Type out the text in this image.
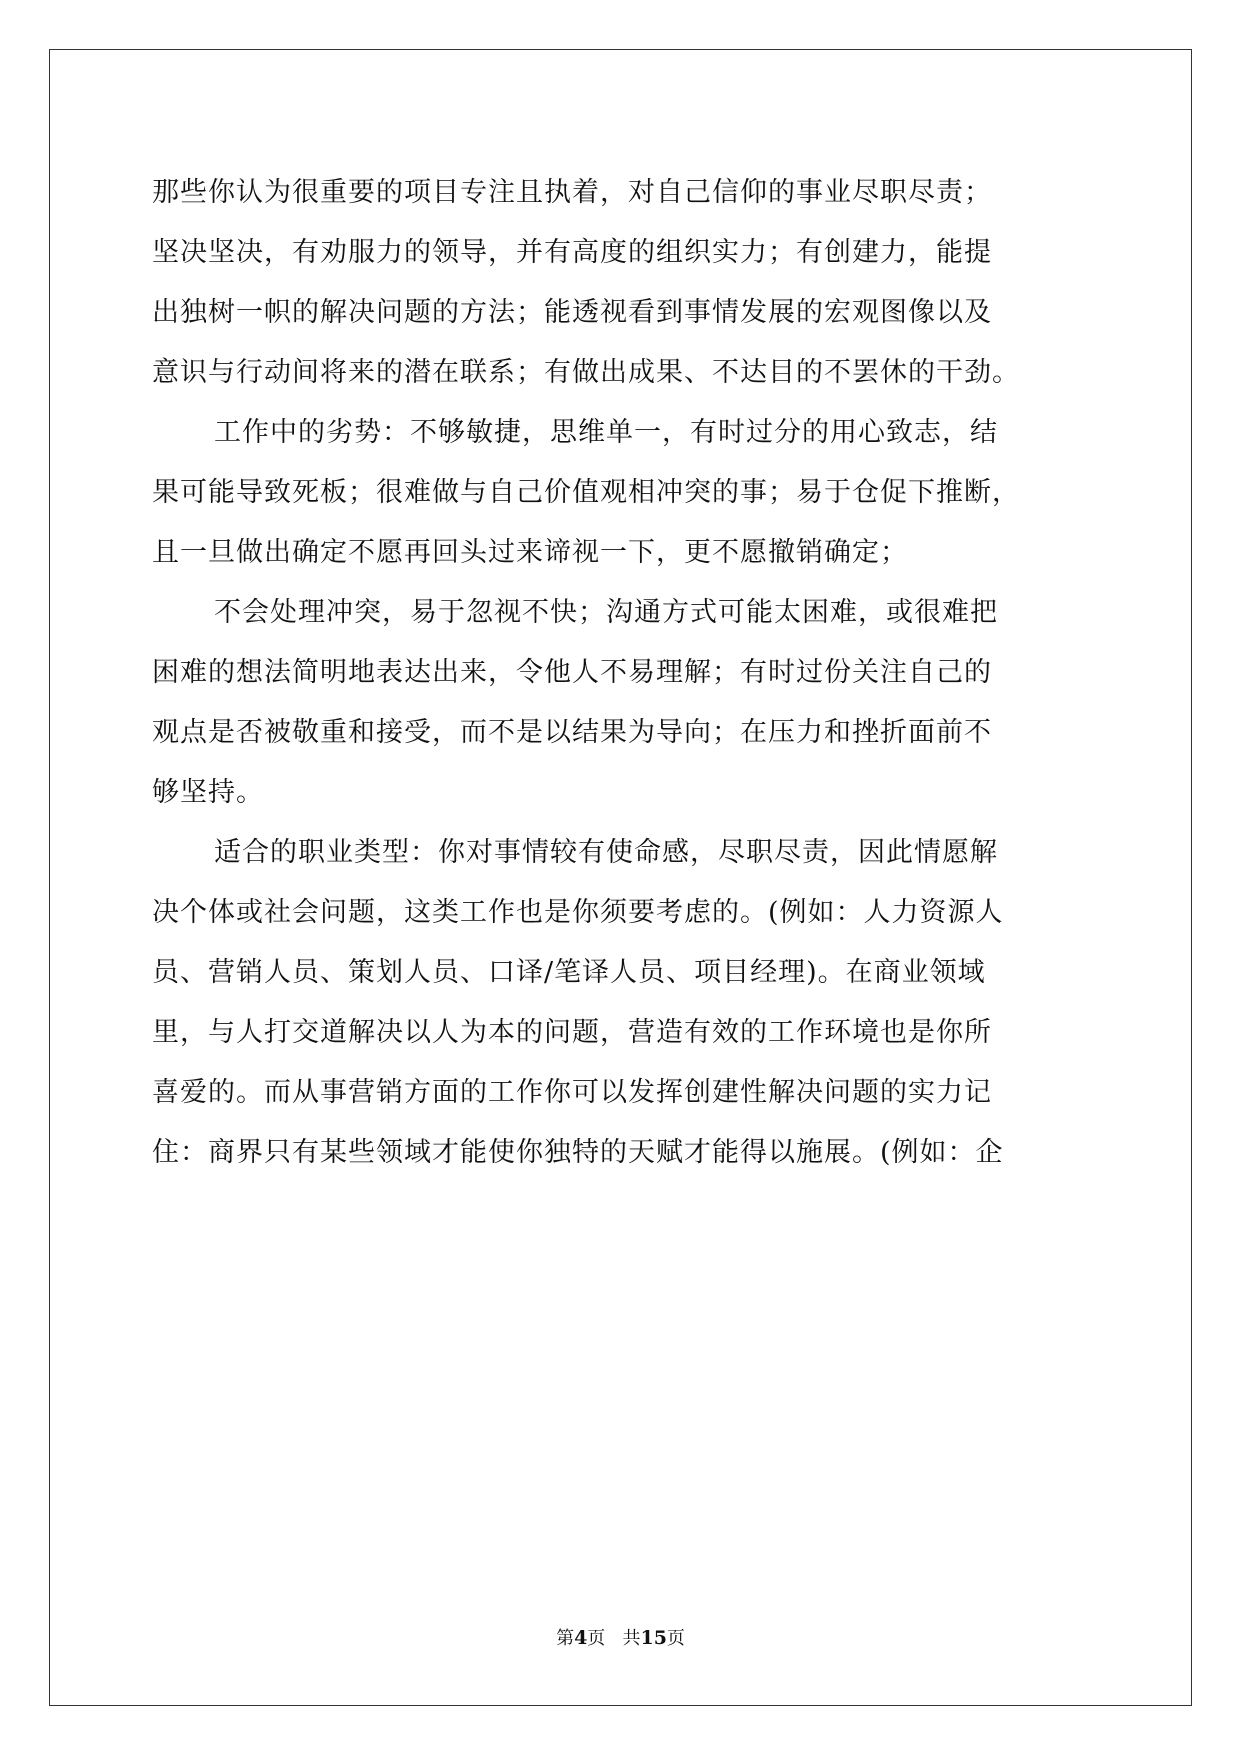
那些你认为很重要的项目专注且执着，对自己信仰的事业尽职尽责；
坚决坚决，有劝服力的领导，并有高度的组织实力；有创建力，能提
出独树一帜的解决问题的方法；能透视看到事情发展的宏观图像以及
意识与行动间将来的潜在联系；有做出成果、不达目的不罢休的干劲。
工作中的劣势：不够敏捷，思维单一，有时过分的用心致志，结
果可能导致死板；很难做与自己价值观相冲突的事；易于仓促下推断，
且一旦做出确定不愿再回头过来谛视一下，更不愿撤销确定；
不会处理冲突，易于忽视不快；沟通方式可能太困难，或很难把
困难的想法简明地表达出来，令他人不易理解；有时过份关注自己的
观点是否被敬重和接受，而不是以结果为导向；在压力和挫折面前不
够坚持。
适合的职业类型：你对事情较有使命感，尽职尽责，因此情愿解
决个体或社会问题，这类工作也是你须要考虑的。(例如：人力资源人
员、营销人员、策划人员、口译/笔译人员、项目经理)。在商业领域
里，与人打交道解决以人为本的问题，营造有效的工作环境也是你所
喜爱的。而从事营销方面的工作你可以发挥创建性解决问题的实力记
住：商界只有某些领域才能使你独特的天赋才能得以施展。(例如：企
第4页 共15页
